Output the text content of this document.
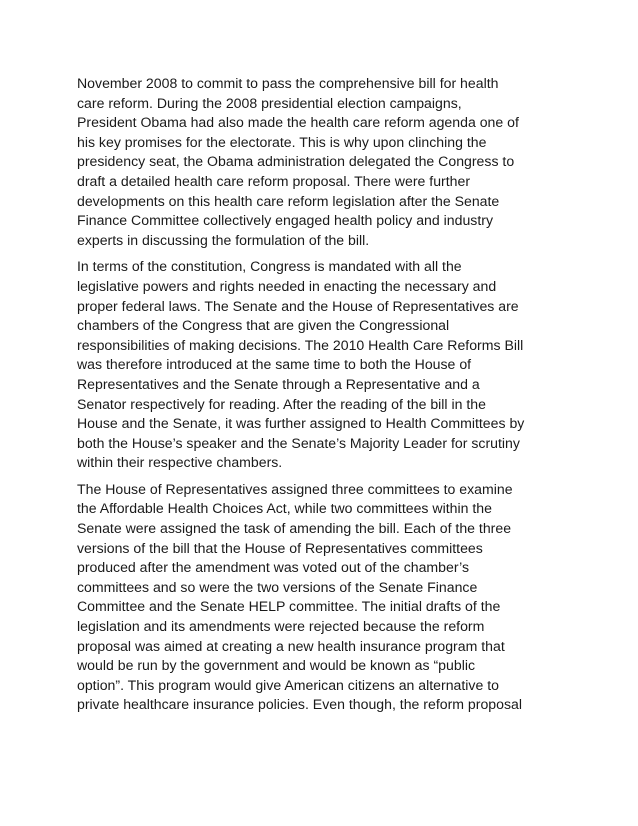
November 2008 to commit to pass the comprehensive bill for health
care reform. During the 2008 presidential election campaigns,
President Obama had also made the health care reform agenda one of
his key promises for the electorate. This is why upon clinching the
presidency seat, the Obama administration delegated the Congress to
draft a detailed health care reform proposal. There were further
developments on this health care reform legislation after the Senate
Finance Committee collectively engaged health policy and industry
experts in discussing the formulation of the bill.

In terms of the constitution, Congress is mandated with all the
legislative powers and rights needed in enacting the necessary and
proper federal laws. The Senate and the House of Representatives are
chambers of the Congress that are given the Congressional
responsibilities of making decisions. The 2010 Health Care Reforms Bill
was therefore introduced at the same time to both the House of
Representatives and the Senate through a Representative and a
Senator respectively for reading. After the reading of the bill in the
House and the Senate, it was further assigned to Health Committees by
both the House’s speaker and the Senate’s Majority Leader for scrutiny
within their respective chambers.

The House of Representatives assigned three committees to examine
the Affordable Health Choices Act, while two committees within the
Senate were assigned the task of amending the bill. Each of the three
versions of the bill that the House of Representatives committees
produced after the amendment was voted out of the chamber’s
committees and so were the two versions of the Senate Finance
Committee and the Senate HELP committee. The initial drafts of the
legislation and its amendments were rejected because the reform
proposal was aimed at creating a new health insurance program that
would be run by the government and would be known as “public
option”. This program would give American citizens an alternative to
private healthcare insurance policies. Even though, the reform proposal
